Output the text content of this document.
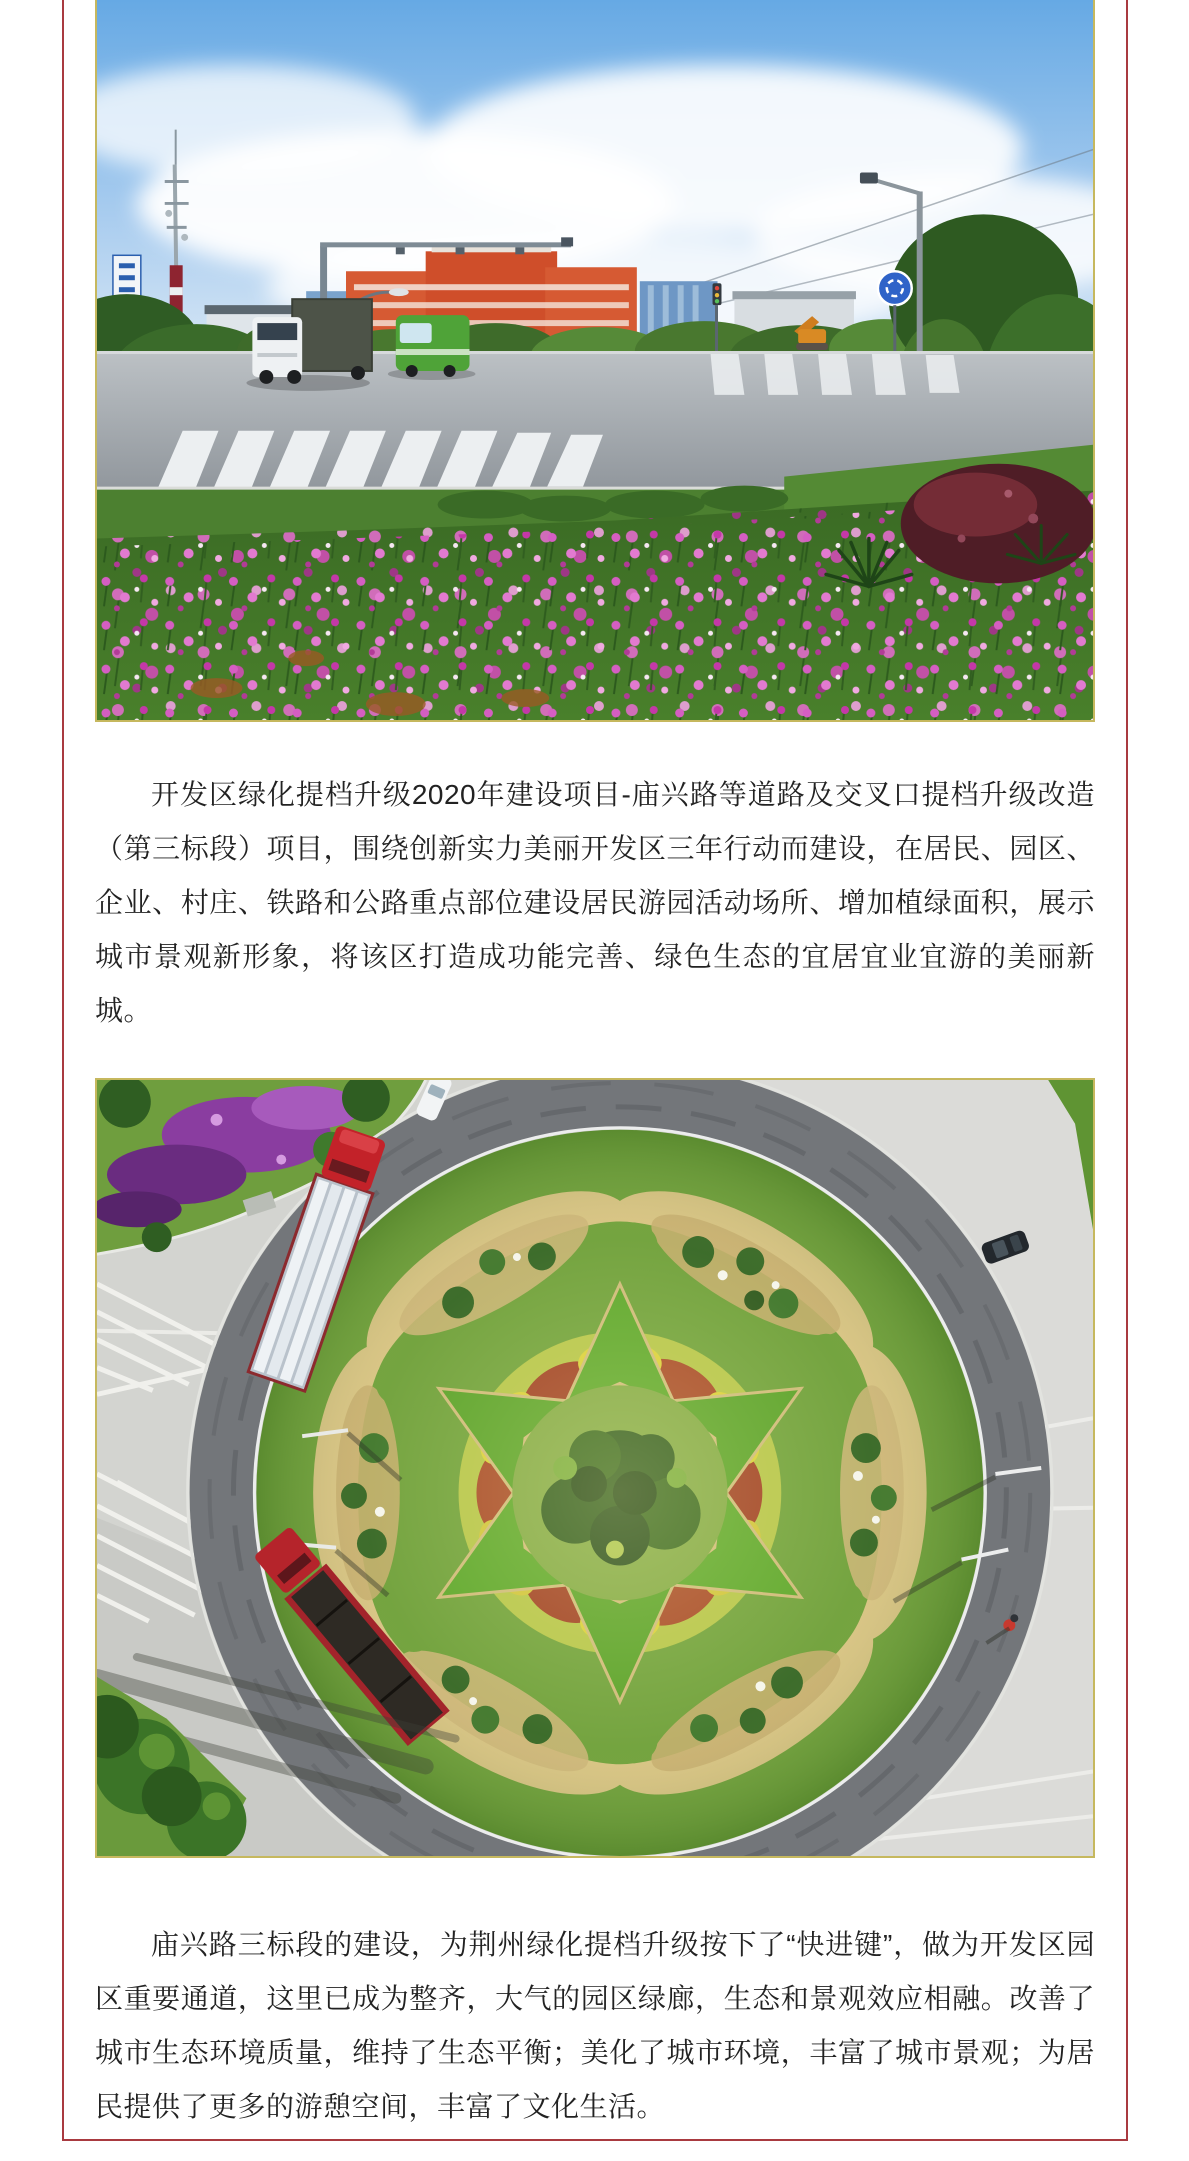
开发区绿化提档升级2020年建设项目-庙兴路等道路及交叉口提档升级改造（第三标段）项目，围绕创新实力美丽开发区三年行动而建设，在居民、园区、企业、村庄、铁路和公路重点部位建设居民游园活动场所、增加植绿面积，展示城市景观新形象，将该区打造成功能完善、绿色生态的宜居宜业宜游的美丽新城。

庙兴路三标段的建设，为荆州绿化提档升级按下了“快进键”，做为开发区园区重要通道，这里已成为整齐，大气的园区绿廊，生态和景观效应相融。改善了城市生态环境质量，维持了生态平衡；美化了城市环境，丰富了城市景观；为居民提供了更多的游憩空间，丰富了文化生活。
